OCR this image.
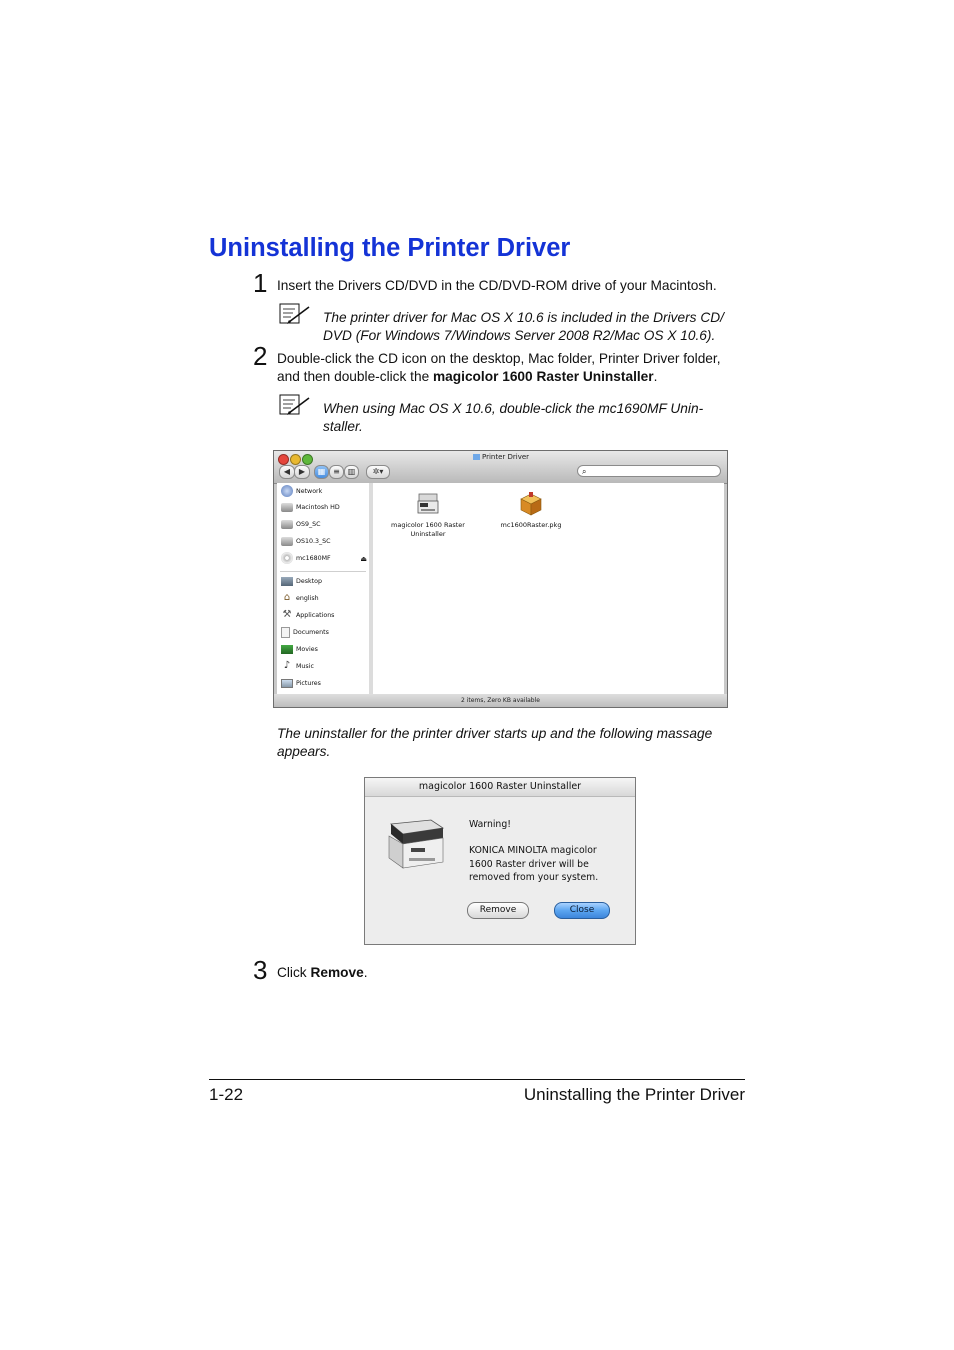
Uninstalling the Printer Driver
1 Insert the Drivers CD/DVD in the CD/DVD-ROM drive of your Macintosh.
The printer driver for Mac OS X 10.6 is included in the Drivers CD/
DVD (For Windows 7/Windows Server 2008 R2/Mac OS X 10.6).
2 Double-click the CD icon on the desktop, Mac folder, Printer Driver folder,
and then double-click the magicolor 1600 Raster Uninstaller.
When using Mac OS X 10.6, double-click the mc1690MF Unin-
staller.
Printer Driver
◀	▶	▦ ≡ ▥	✲▾	⌕
Network
Macintosh HD
OS9_SC
OS10.3_SC
mc1680MF	⏏
Desktop
⌂ english
⚒ Applications
Documents
Movies
♪ Music
Pictures
magicolor 1600 Raster
Uninstaller
mc1600Raster.pkg
2 items, Zero KB available
The uninstaller for the printer driver starts up and the following massage
appears.
magicolor 1600 Raster Uninstaller
Warning!
KONICA MINOLTA magicolor
1600 Raster driver will be
removed from your system.
Remove	Close
3 Click Remove.
1-22	Uninstalling the Printer Driver
